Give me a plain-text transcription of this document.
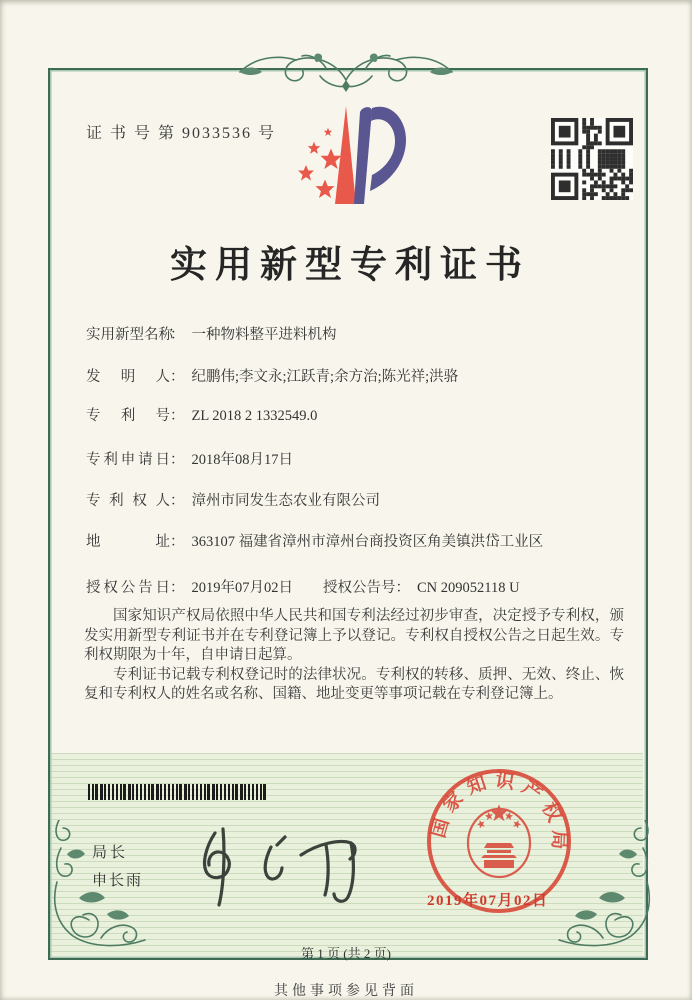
证 书 号 第 9033536 号
实用新型专利证书
实用新型名称： 一种物料整平进料机构
发明人： 纪鹏伟;李文永;江跃青;余方治;陈光祥;洪骆
专利号： ZL 2018 2 1332549.0
专利申请日： 2018年08月17日
专利权人： 漳州市同发生态农业有限公司
地址： 363107 福建省漳州市漳州台商投资区角美镇洪岱工业区
授权公告日： 2019年07月02日 授权公告号： CN 209052118 U

国家知识产权局依照中华人民共和国专利法经过初步审查，决定授予专利权，颁发实用新型专利证书并在专利登记簿上予以登记。专利权自授权公告之日起生效。专利权期限为十年，自申请日起算。

专利证书记载专利权登记时的法律状况。专利权的转移、质押、无效、终止、恢复和专利权人的姓名或名称、国籍、地址变更等事项记载在专利登记簿上。

局长
申长雨
国家知识产权局
2019年07月02日
第 1 页 (共 2 页)
其他事项参见背面
